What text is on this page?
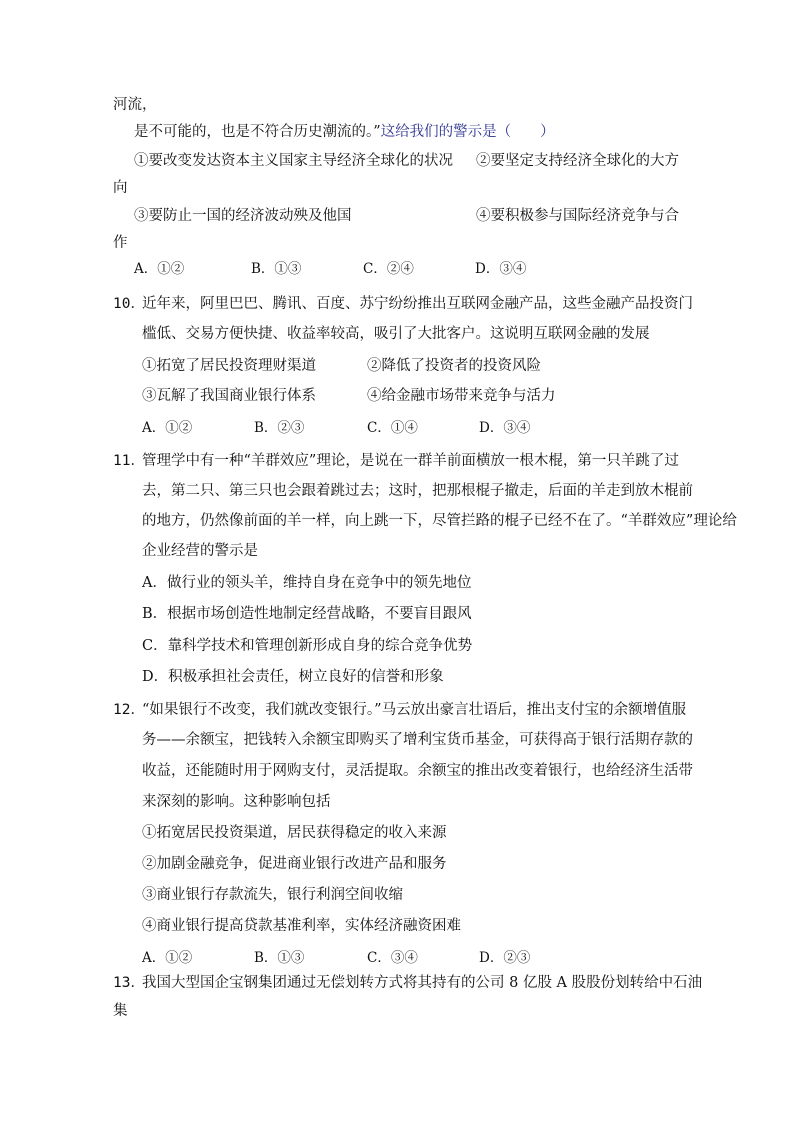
河流，
是不可能的，也是不符合历史潮流的。”这给我们的警示是（　　）
①要改变发达资本主义国家主导经济全球化的状况 ②要坚定支持经济全球化的大方
向
③要防止一国的经济波动殃及他国	④要积极参与国际经济竞争与合
作
A．①②	B．①③	C．②④	D．③④
10．
近年来，阿里巴巴、腾讯、百度、苏宁纷纷推出互联网金融产品，这些金融产品投资门
槛低、交易方便快捷、收益率较高，吸引了大批客户。这说明互联网金融的发展
①拓宽了居民投资理财渠道	②降低了投资者的投资风险
③瓦解了我国商业银行体系	④给金融市场带来竞争与活力
A．①②	B．②③	C．①④	D．③④
11．
管理学中有一种“羊群效应”理论，是说在一群羊前面横放一根木棍，第一只羊跳了过
去，第二只、第三只也会跟着跳过去；这时，把那根棍子撤走，后面的羊走到放木棍前
的地方，仍然像前面的羊一样，向上跳一下，尽管拦路的棍子已经不在了。“羊群效应”理论给
企业经营的警示是
A．做行业的领头羊，维持自身在竞争中的领先地位
B．根据市场创造性地制定经营战略，不要盲目跟风
C．靠科学技术和管理创新形成自身的综合竞争优势
D．积极承担社会责任，树立良好的信誉和形象
12．
“如果银行不改变，我们就改变银行。”马云放出豪言壮语后，推出支付宝的余额增值服
务——余额宝，把钱转入余额宝即购买了增利宝货币基金，可获得高于银行活期存款的
收益，还能随时用于网购支付，灵活提取。余额宝的推出改变着银行，也给经济生活带
来深刻的影响。这种影响包括
①拓宽居民投资渠道，居民获得稳定的收入来源
②加剧金融竞争，促进商业银行改进产品和服务
③商业银行存款流失，银行利润空间收缩
④商业银行提高贷款基准利率，实体经济融资困难
A．①②	B．①③	C．③④	D．②③
13．
我国大型国企宝钢集团通过无偿划转方式将其持有的公司 8 亿股 A 股股份划转给中石油
集
